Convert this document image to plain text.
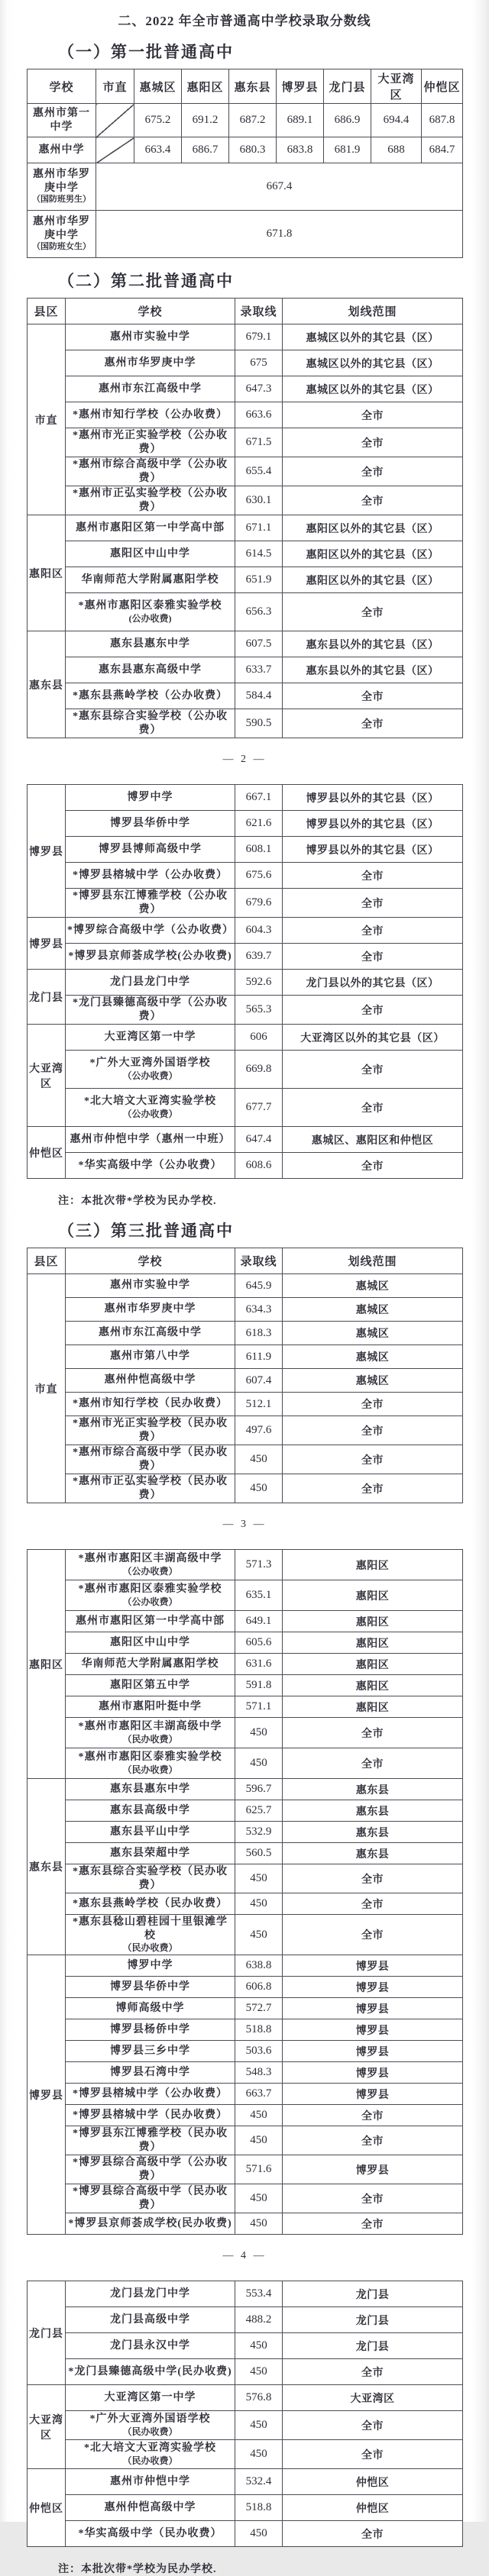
二、2022 年全市普通高中学校录取分数线
（一）第一批普通高中
学校	市直	惠城区	惠阳区	惠东县	博罗县	龙门县	大亚湾区	仲恺区
惠州市第一中学		675.2	691.2	687.2	689.1	686.9	694.4	687.8
惠州中学		663.4	686.7	680.3	683.8	681.9	688	684.7
惠州市华罗庚中学
（国防班男生）	667.4							
惠州市华罗庚中学
（国防班女生）	671.8							
（二）第二批普通高中
县区	学校	录取线	划线范围
市直	惠州市实验中学	679.1	惠城区以外的其它县（区）
	惠州市华罗庚中学	675	惠城区以外的其它县（区）
	惠州市东江高级中学	647.3	惠城区以外的其它县（区）
	*惠州市知行学校（公办收费）	663.6	全市
	*惠州市光正实验学校（公办收费）	671.5	全市
	*惠州市综合高级中学（公办收费）	655.4	全市
	*惠州市正弘实验学校（公办收费）	630.1	全市
惠阳区	惠州市惠阳区第一中学高中部	671.1	惠阳区以外的其它县（区）
	惠阳区中山中学	614.5	惠阳区以外的其它县（区）
	华南师范大学附属惠阳学校	651.9	惠阳区以外的其它县（区）
	*惠州市惠阳区泰雅实验学校
(公办收费)	656.3	全市
惠东县	惠东县惠东中学	607.5	惠东县以外的其它县（区）
	惠东县惠东高级中学	633.7	惠东县以外的其它县（区）
	*惠东县燕岭学校（公办收费）	584.4	全市
	*惠东县综合实验学校（公办收费）	590.5	全市
— 2 —
博罗县	博罗中学	667.1	博罗县以外的其它县（区）
	博罗县华侨中学	621.6	博罗县以外的其它县（区）
	博罗县博师高级中学	608.1	博罗县以外的其它县（区）
	*博罗县榕城中学（公办收费）	675.6	全市
	*博罗县东江博雅学校（公办收费）	679.6	全市
博罗县	*博罗综合高级中学（公办收费）	604.3	全市
	*博罗县京师荟成学校(公办收费)	639.7	全市
龙门县	龙门县龙门中学	592.6	龙门县以外的其它县（区）
	*龙门县臻德高级中学（公办收费）	565.3	全市
大亚湾区	大亚湾区第一中学	606	大亚湾区以外的其它县（区）
	*广外大亚湾外国语学校
（公办收费）	669.8	全市
	*北大培文大亚湾实验学校
（公办收费）	677.7	全市
仲恺区	惠州市仲恺中学（惠州一中班）	647.4	惠城区、惠阳区和仲恺区
	*华实高级中学（公办收费）	608.6	全市
注：本批次带*学校为民办学校.
（三）第三批普通高中
县区	学校	录取线	划线范围
市直	惠州市实验中学	645.9	惠城区
	惠州市华罗庚中学	634.3	惠城区
	惠州市东江高级中学	618.3	惠城区
	惠州市第八中学	611.9	惠城区
	惠州仲恺高级中学	607.4	惠城区
	*惠州市知行学校（民办收费）	512.1	全市
	*惠州市光正实验学校（民办收费）	497.6	全市
	*惠州市综合高级中学（民办收费）	450	全市
	*惠州市正弘实验学校（民办收费）	450	全市
— 3 —
惠阳区	*惠州市惠阳区丰湖高级中学
（公办收费）	571.3	惠阳区
	*惠州市惠阳区泰雅实验学校
（公办收费）	635.1	惠阳区
	惠州市惠阳区第一中学高中部	649.1	惠阳区
	惠阳区中山中学	605.6	惠阳区
	华南师范大学附属惠阳学校	631.6	惠阳区
	惠阳区第五中学	591.8	惠阳区
	惠州市惠阳叶挺中学	571.1	惠阳区
	*惠州市惠阳区丰湖高级中学
（民办收费）	450	全市
	*惠州市惠阳区泰雅实验学校
（民办收费）	450	全市
惠东县	惠东县惠东中学	596.7	惠东县
	惠东县高级中学	625.7	惠东县
	惠东县平山中学	532.9	惠东县
	惠东县荣超中学	560.5	惠东县
	*惠东县综合实验学校（民办收费）	450	全市
	*惠东县燕岭学校（民办收费）	450	全市
	*惠东县稔山碧桂园十里银滩学校
（民办收费）	450	全市
博罗县	博罗中学	638.8	博罗县
	博罗县华侨中学	606.8	博罗县
	博师高级中学	572.7	博罗县
	博罗县杨侨中学	518.8	博罗县
	博罗县三乡中学	503.6	博罗县
	博罗县石湾中学	548.3	博罗县
	*博罗县榕城中学（公办收费）	663.7	博罗县
	*博罗县榕城中学（民办收费）	450	全市
	*博罗县东江博雅学校（民办收费）	450	全市
	*博罗县综合高级中学（公办收费）	571.6	博罗县
	*博罗县综合高级中学（民办收费）	450	全市
	*博罗县京师荟成学校(民办收费)	450	全市
— 4 —
龙门县	龙门县龙门中学	553.4	龙门县
	龙门县高级中学	488.2	龙门县
	龙门县永汉中学	450	龙门县
	*龙门县臻德高级中学(民办收费)	450	全市
大亚湾区	大亚湾区第一中学	576.8	大亚湾区
	*广外大亚湾外国语学校
（民办收费）	450	全市
	*北大培文大亚湾实验学校
（民办收费）	450	全市
仲恺区	惠州市仲恺中学	532.4	仲恺区
	惠州仲恺高级中学	518.8	仲恺区
	*华实高级中学（民办收费）	450	全市
注：本批次带*学校为民办学校.
